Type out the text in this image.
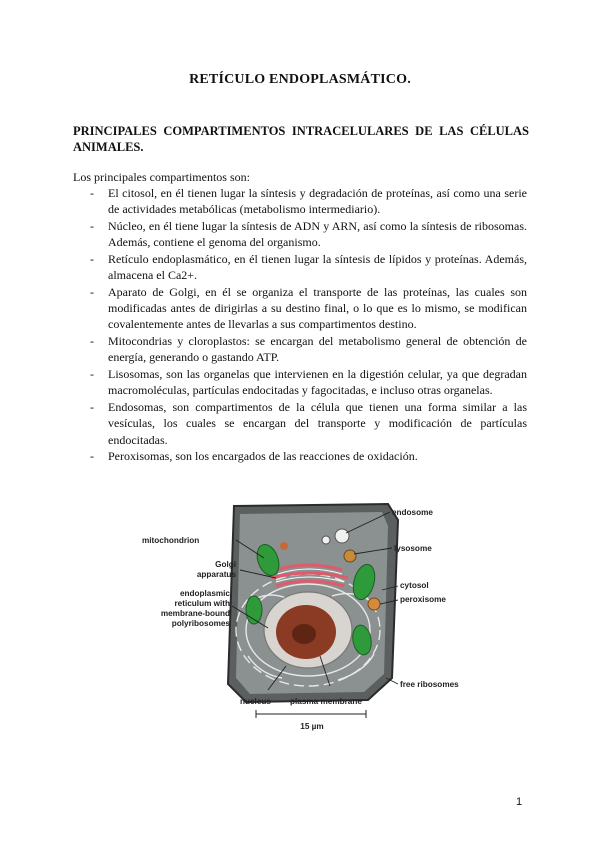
RETÍCULO ENDOPLASMÁTICO.
PRINCIPALES COMPARTIMENTOS INTRACELULARES DE LAS CÉLULAS ANIMALES.
Los principales compartimentos son:
- El citosol, en él tienen lugar la síntesis y degradación de proteínas, así como una serie de actividades metabólicas (metabolismo intermediario).
- Núcleo, en él tiene lugar la síntesis de ADN y ARN, así como la síntesis de ribosomas. Además, contiene el genoma del organismo.
- Retículo endoplasmático, en él tienen lugar la síntesis de lípidos y proteínas. Además, almacena el Ca2+.
- Aparato de Golgi, en él se organiza el transporte de las proteínas, las cuales son modificadas antes de dirigirlas a su destino final, o lo que es lo mismo, se modifican covalentemente antes de llevarlas a sus compartimentos destino.
- Mitocondrias y cloroplastos: se encargan del metabolismo general de obtención de energía, generando o gastando ATP.
- Lisosomas, son las organelas que intervienen en la digestión celular, ya que degradan macromoléculas, partículas endocitadas y fagocitadas, e incluso otras organelas.
- Endosomas, son compartimentos de la célula que tienen una forma similar a las vesículas, los cuales se encargan del transporte y modificación de partículas endocitadas.
- Peroxisomas, son los encargados de las reacciones de oxidación.
endosome
mitochondrion
lysosome
Golgi
apparatus
cytosol
peroxisome
endoplasmic
reticulum with
membrane-bound
polyribosomes
free ribosomes
nucleus plasma membrane
15 µm
1
